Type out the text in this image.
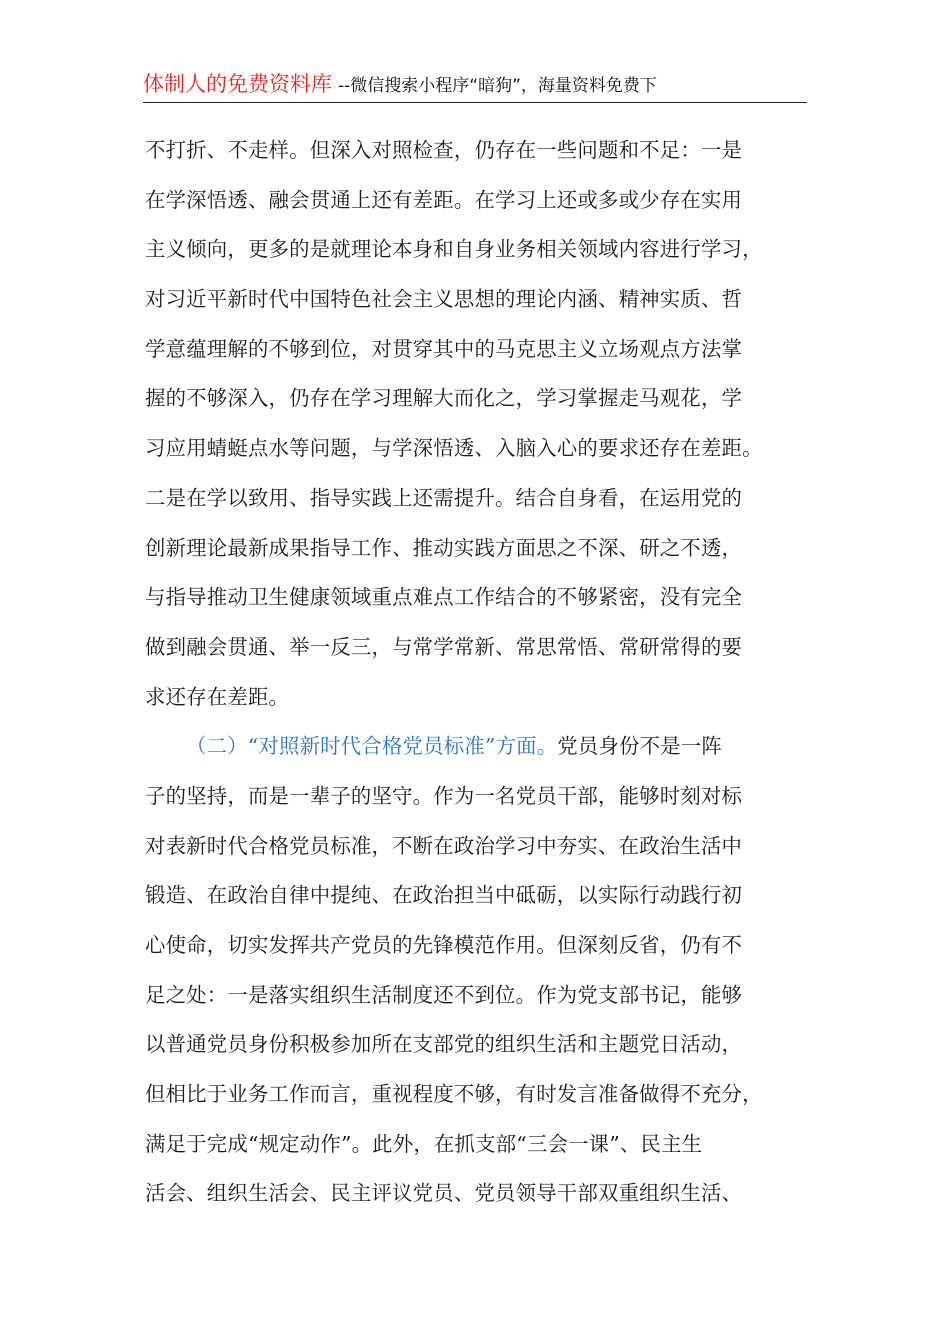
体制人的免费资料库 --微信搜索小程序“暗狗”，海量资料免费下
不打折、不走样。但深入对照检查，仍存在一些问题和不足：一是
在学深悟透、融会贯通上还有差距。在学习上还或多或少存在实用
主义倾向，更多的是就理论本身和自身业务相关领域内容进行学习，
对习近平新时代中国特色社会主义思想的理论内涵、精神实质、哲
学意蕴理解的不够到位，对贯穿其中的马克思主义立场观点方法掌
握的不够深入，仍存在学习理解大而化之，学习掌握走马观花，学
习应用蜻蜓点水等问题，与学深悟透、入脑入心的要求还存在差距。
二是在学以致用、指导实践上还需提升。结合自身看，在运用党的
创新理论最新成果指导工作、推动实践方面思之不深、研之不透，
与指导推动卫生健康领域重点难点工作结合的不够紧密，没有完全
做到融会贯通、举一反三，与常学常新、常思常悟、常研常得的要
求还存在差距。
（二）“对照新时代合格党员标准”方面。党员身份不是一阵
子的坚持，而是一辈子的坚守。作为一名党员干部，能够时刻对标
对表新时代合格党员标准，不断在政治学习中夯实、在政治生活中
锻造、在政治自律中提纯、在政治担当中砥砺，以实际行动践行初
心使命，切实发挥共产党员的先锋模范作用。但深刻反省，仍有不
足之处：一是落实组织生活制度还不到位。作为党支部书记，能够
以普通党员身份积极参加所在支部党的组织生活和主题党日活动，
但相比于业务工作而言，重视程度不够，有时发言准备做得不充分，
满足于完成“规定动作”。此外，在抓支部“三会一课”、民主生
活会、组织生活会、民主评议党员、党员领导干部双重组织生活、
